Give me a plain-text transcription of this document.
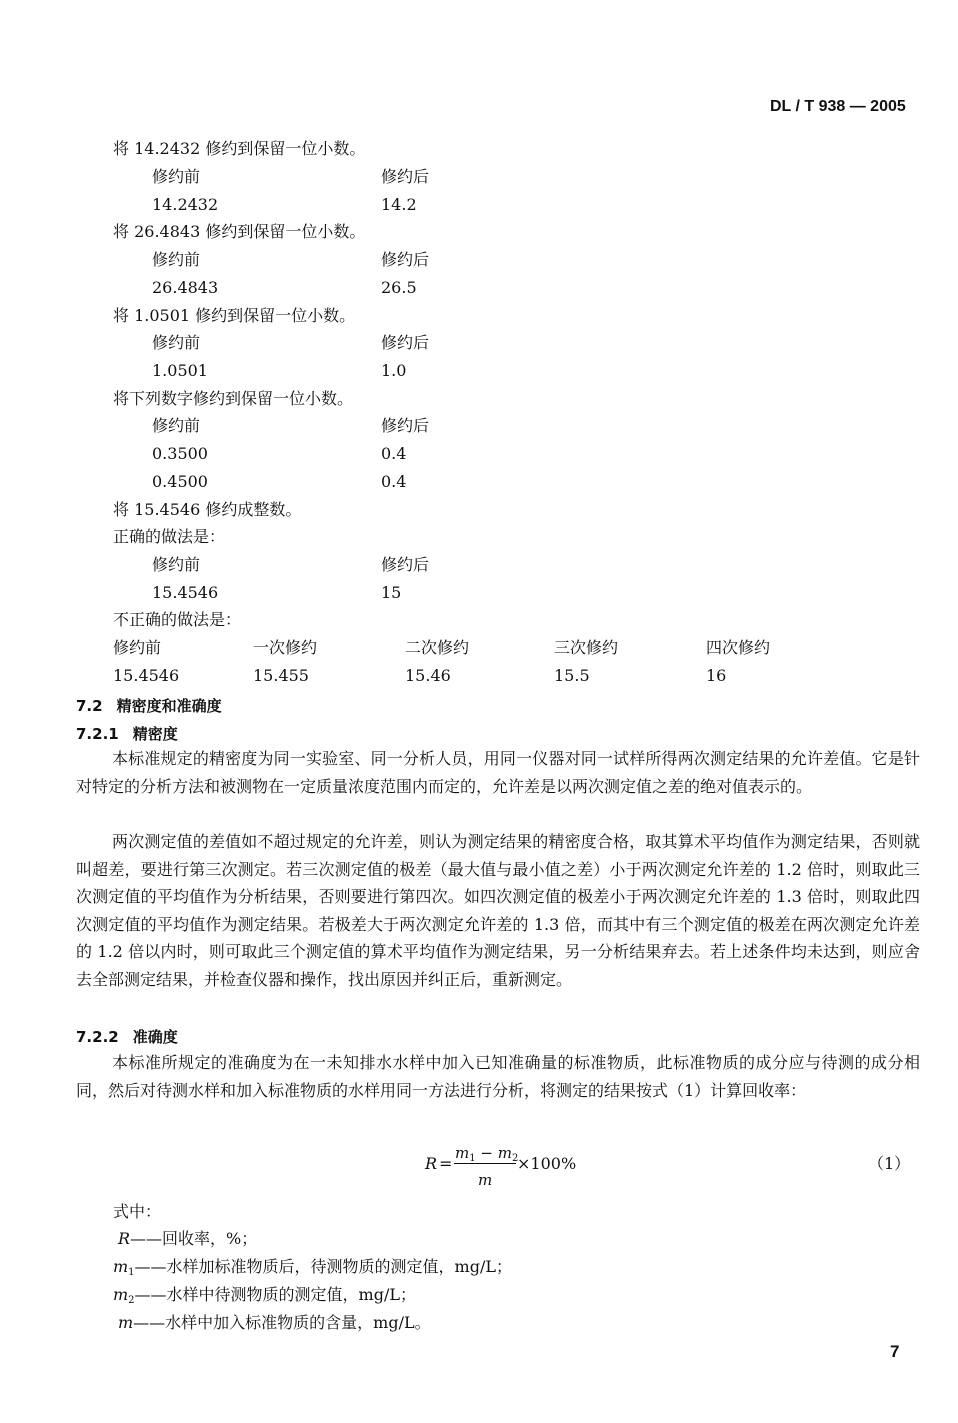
DL / T 938 — 2005
将 14.2432 修约到保留一位小数。
修约前	修约后
14.2432	14.2
将 26.4843 修约到保留一位小数。
修约前	修约后
26.4843	26.5
将 1.0501 修约到保留一位小数。
修约前	修约后
1.0501	1.0
将下列数字修约到保留一位小数。
修约前	修约后
0.3500	0.4
0.4500	0.4
将 15.4546 修约成整数。
正确的做法是：
修约前	修约后
15.4546	15
不正确的做法是：
修约前	一次修约	二次修约	三次修约	四次修约
15.4546	15.455	15.46	15.5	16
7.2 精密度和准确度
7.2.1 精密度
本标准规定的精密度为同一实验室、同一分析人员，用同一仪器对同一试样所得两次测定结果的允许差值。它是针对特定的分析方法和被测物在一定质量浓度范围内而定的，允许差是以两次测定值之差的绝对值表示的。
两次测定值的差值如不超过规定的允许差，则认为测定结果的精密度合格，取其算术平均值作为测定结果，否则就叫超差，要进行第三次测定。若三次测定值的极差（最大值与最小值之差）小于两次测定允许差的 1.2 倍时，则取此三次测定值的平均值作为分析结果，否则要进行第四次。如四次测定值的极差小于两次测定允许差的 1.3 倍时，则取此四次测定值的平均值作为测定结果。若极差大于两次测定允许差的 1.3 倍，而其中有三个测定值的极差在两次测定允许差的 1.2 倍以内时，则可取此三个测定值的算术平均值作为测定结果，另一分析结果弃去。若上述条件均未达到，则应舍去全部测定结果，并检查仪器和操作，找出原因并纠正后，重新测定。
7.2.2 准确度
本标准所规定的准确度为在一未知排水水样中加入已知准确量的标准物质，此标准物质的成分应与待测的成分相同，然后对待测水样和加入标准物质的水样用同一方法进行分析，将测定的结果按式（1）计算回收率：
R =
$m_1 - m_2$
m
×100%	（1）
式中：
R——回收率，%；
$m_1——$水样加标准物质后，待测物质的测定值，mg/L；
$m_2——$水样中待测物质的测定值，mg/L；
m——水样中加入标准物质的含量，mg/L。
7
